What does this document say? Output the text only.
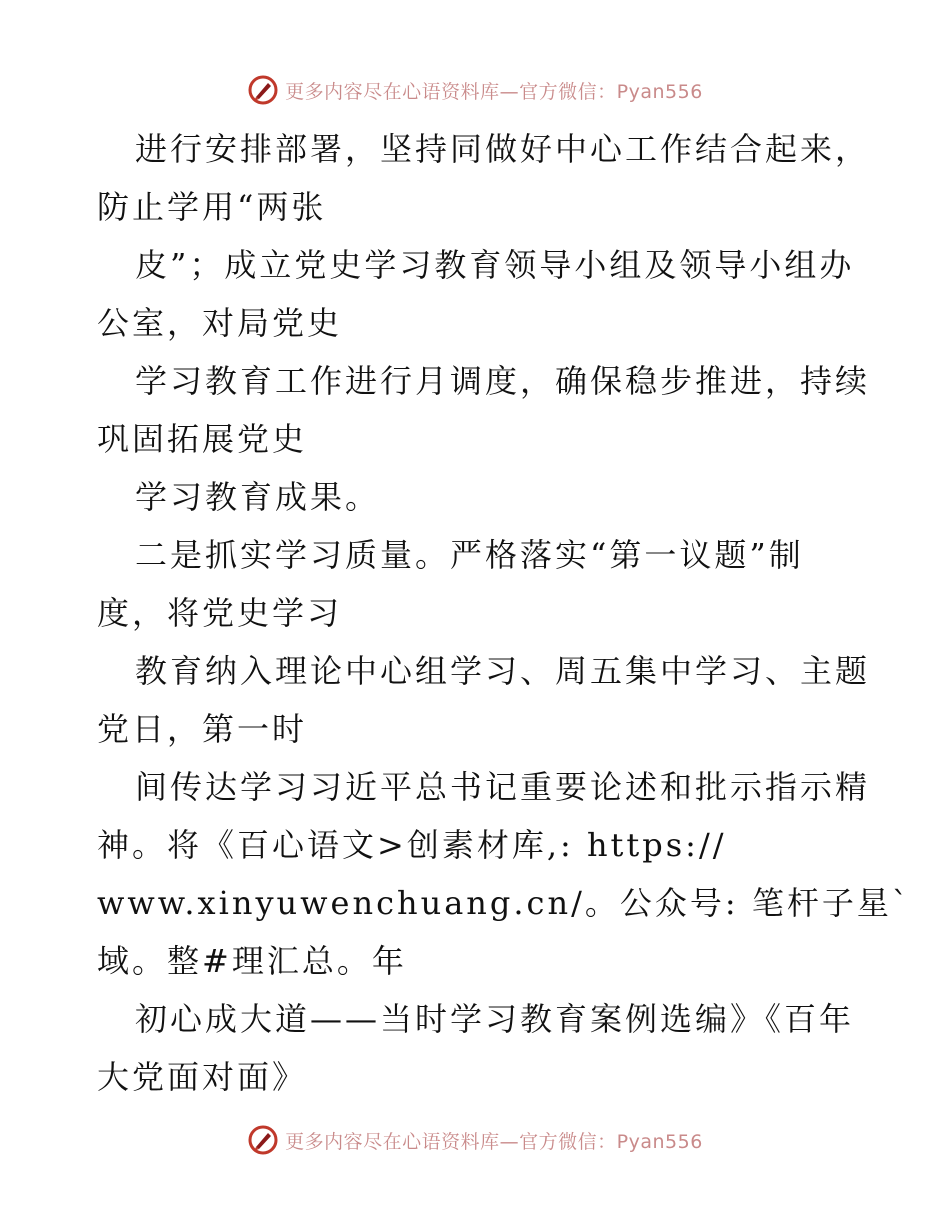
更多内容尽在心语资料库—官方微信：Pyan556
进行安排部署，坚持同做好中心工作结合起来，
防止学用“两张
皮”；成立党史学习教育领导小组及领导小组办
公室，对局党史
学习教育工作进行月调度，确保稳步推进，持续
巩固拓展党史
学习教育成果。
二是抓实学习质量。严格落实“第一议题”制
度，将党史学习
教育纳入理论中心组学习、周五集中学习、主题
党日，第一时
间传达学习习近平总书记重要论述和批示指示精
神。将《百心语文>创素材库,: https://
www.xinyuwenchuang.cn/。公众号: 笔杆子星`
域。整#理汇总。年
初心成大道——当时学习教育案例选编》《百年
大党面对面》
更多内容尽在心语资料库—官方微信：Pyan556
